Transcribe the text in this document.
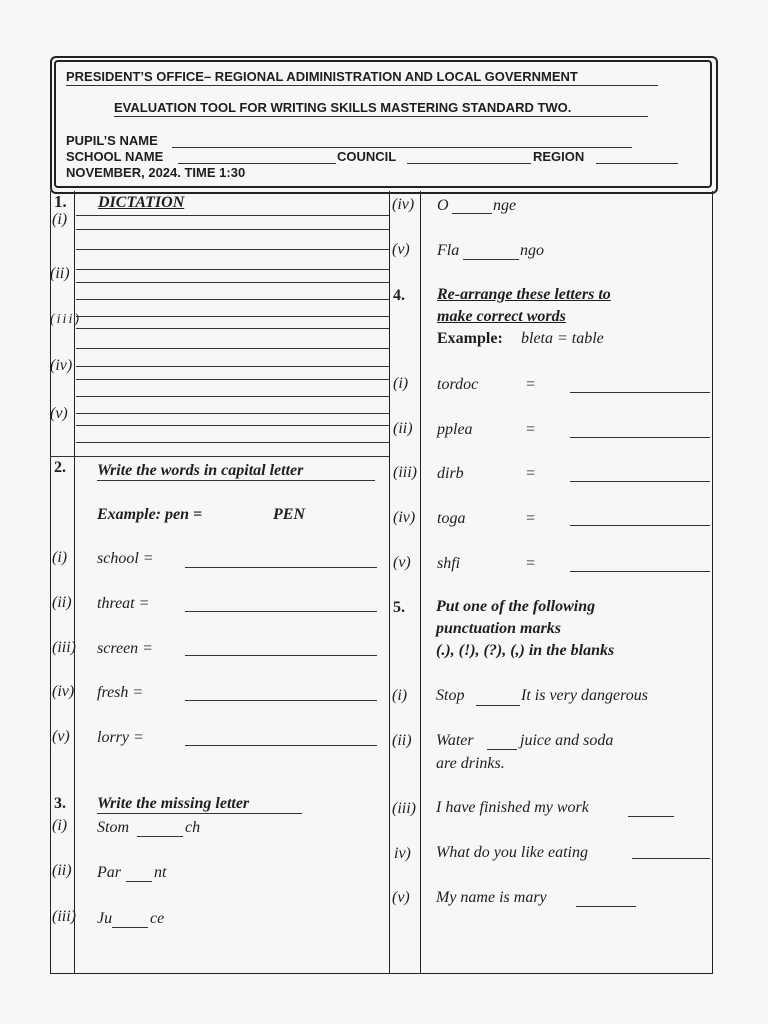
PRESIDENT’S OFFICE– REGIONAL ADIMINISTRATION AND LOCAL GOVERNMENT
EVALUATION TOOL FOR WRITING SKILLS MASTERING STANDARD TWO.
PUPIL’S NAME
SCHOOL NAME	COUNCIL	REGION
NOVEMBER, 2024. TIME 1:30
1. DICTATION
(i)
(ii)
(iii)
(iv)
(v)
2. Write the words in capital letter
Example: pen =	PEN
(i) school =
(ii) threat =
(iii) screen =
(iv) fresh =
(v) lorry =
3. Write the missing letter
(i) Stom	ch
(ii) Par nt
(iii) Ju ce
(iv) O	nge
(v) Fla	ngo
4. Re-arrange these letters to
make correct words
Example: bleta = table
(i) tordoc	=
(ii) pplea	=
(iii) dirb	=
(iv) toga	=
(v) shfi	=
5. Put one of the following
punctuation marks
(.), (!), (?), (,) in the blanks
(i) Stop	It is very dangerous
(ii) Water	juice and soda
are drinks.
(iii) I have finished my work
iv) What do you like eating
(v) My name is mary
